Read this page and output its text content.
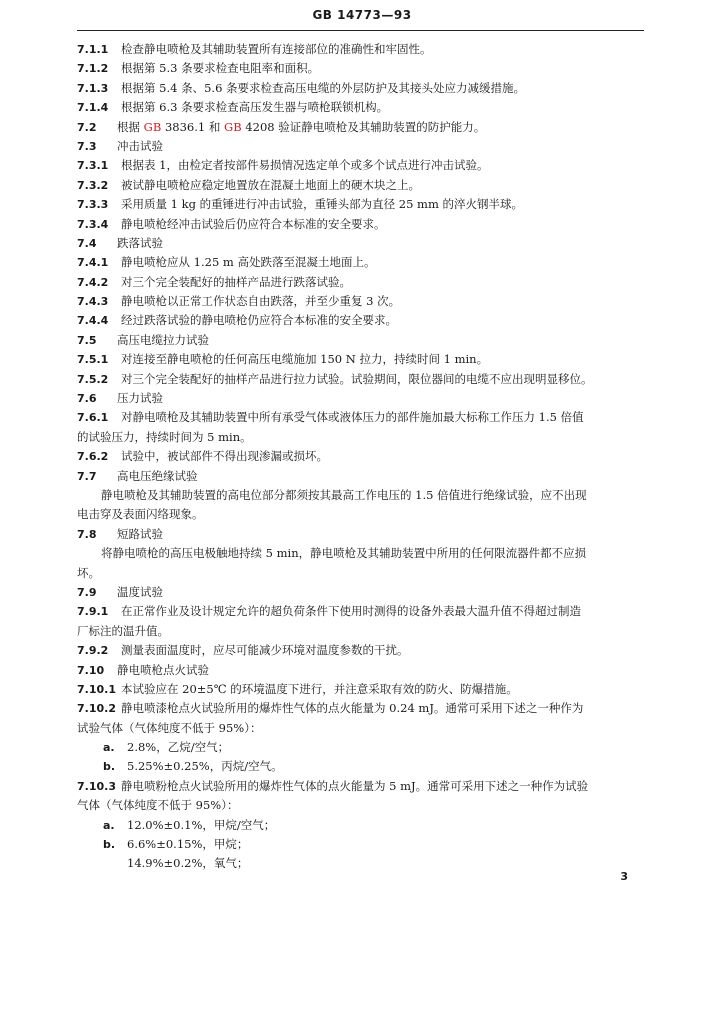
GB 14773—93
7.1.1 检查静电喷枪及其辅助装置所有连接部位的准确性和牢固性。
7.1.2 根据第 5.3 条要求检查电阻率和面积。
7.1.3 根据第 5.4 条、5.6 条要求检查高压电缆的外层防护及其接头处应力减缓措施。
7.1.4 根据第 6.3 条要求检查高压发生器与喷枪联锁机构。
7.2 根据 GB 3836.1 和 GB 4208 验证静电喷枪及其辅助装置的防护能力。
7.3 冲击试验
7.3.1 根据表 1，由检定者按部件易损情况选定单个或多个试点进行冲击试验。
7.3.2 被试静电喷枪应稳定地置放在混凝土地面上的硬木块之上。
7.3.3 采用质量 1 kg 的重锤进行冲击试验，重锤头部为直径 25 mm 的淬火钢半球。
7.3.4 静电喷枪经冲击试验后仍应符合本标准的安全要求。
7.4 跌落试验
7.4.1 静电喷枪应从 1.25 m 高处跌落至混凝土地面上。
7.4.2 对三个完全装配好的抽样产品进行跌落试验。
7.4.3 静电喷枪以正常工作状态自由跌落，并至少重复 3 次。
7.4.4 经过跌落试验的静电喷枪仍应符合本标准的安全要求。
7.5 高压电缆拉力试验
7.5.1 对连接至静电喷枪的任何高压电缆施加 150 N 拉力，持续时间 1 min。
7.5.2 对三个完全装配好的抽样产品进行拉力试验。试验期间，限位器间的电缆不应出现明显移位。
7.6 压力试验
7.6.1 对静电喷枪及其辅助装置中所有承受气体或液体压力的部件施加最大标称工作压力 1.5 倍值
的试验压力，持续时间为 5 min。
7.6.2 试验中，被试部件不得出现渗漏或损坏。
7.7 高电压绝缘试验
静电喷枪及其辅助装置的高电位部分都须按其最高工作电压的 1.5 倍值进行绝缘试验，应不出现
电击穿及表面闪络现象。
7.8 短路试验
将静电喷枪的高压电极触地持续 5 min，静电喷枪及其辅助装置中所用的任何限流器件都不应损
坏。
7.9 温度试验
7.9.1 在正常作业及设计规定允许的超负荷条件下使用时测得的设备外表最大温升值不得超过制造
厂标注的温升值。
7.9.2 测量表面温度时，应尽可能减少环境对温度参数的干扰。
7.10 静电喷枪点火试验
7.10.1 本试验应在 20±5℃ 的环境温度下进行，并注意采取有效的防火、防爆措施。
7.10.2 静电喷漆枪点火试验所用的爆炸性气体的点火能量为 0.24 mJ。通常可采用下述之一种作为
试验气体（气体纯度不低于 95%）：
a. 2.8%，乙烷/空气；
b. 5.25%±0.25%，丙烷/空气。
7.10.3 静电喷粉枪点火试验所用的爆炸性气体的点火能量为 5 mJ。通常可采用下述之一种作为试验
气体（气体纯度不低于 95%）：
a. 12.0%±0.1%，甲烷/空气；
b. 6.6%±0.15%，甲烷；
14.9%±0.2%，氧气；
3
